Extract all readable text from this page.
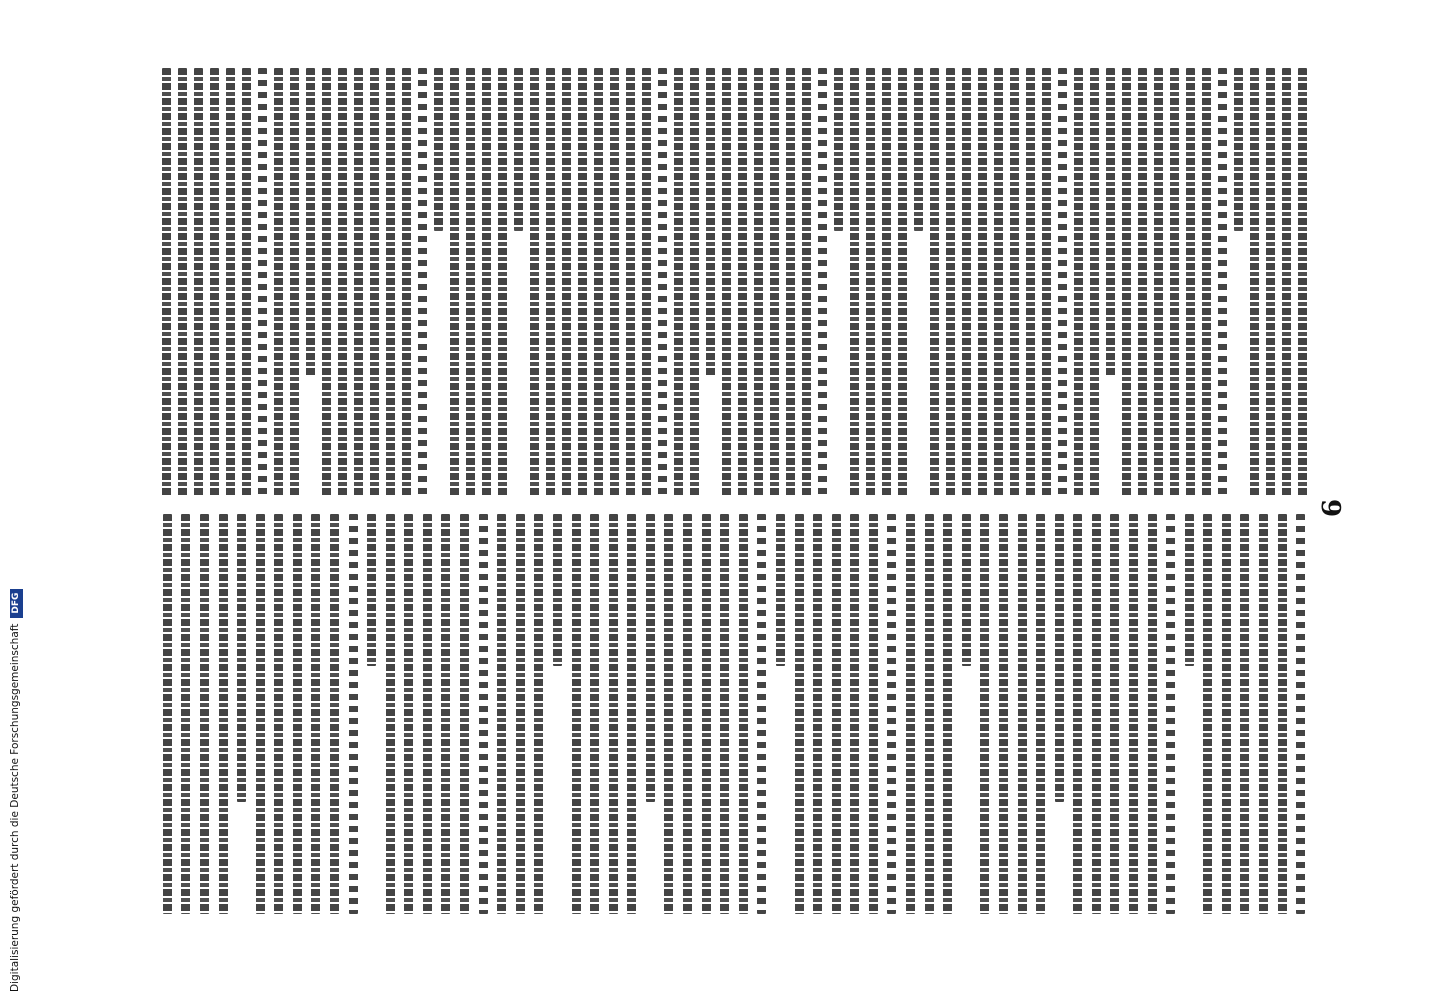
Digitalisierung gefördert durch die Deutsche ForschungsgemeinschaftDFG
9
